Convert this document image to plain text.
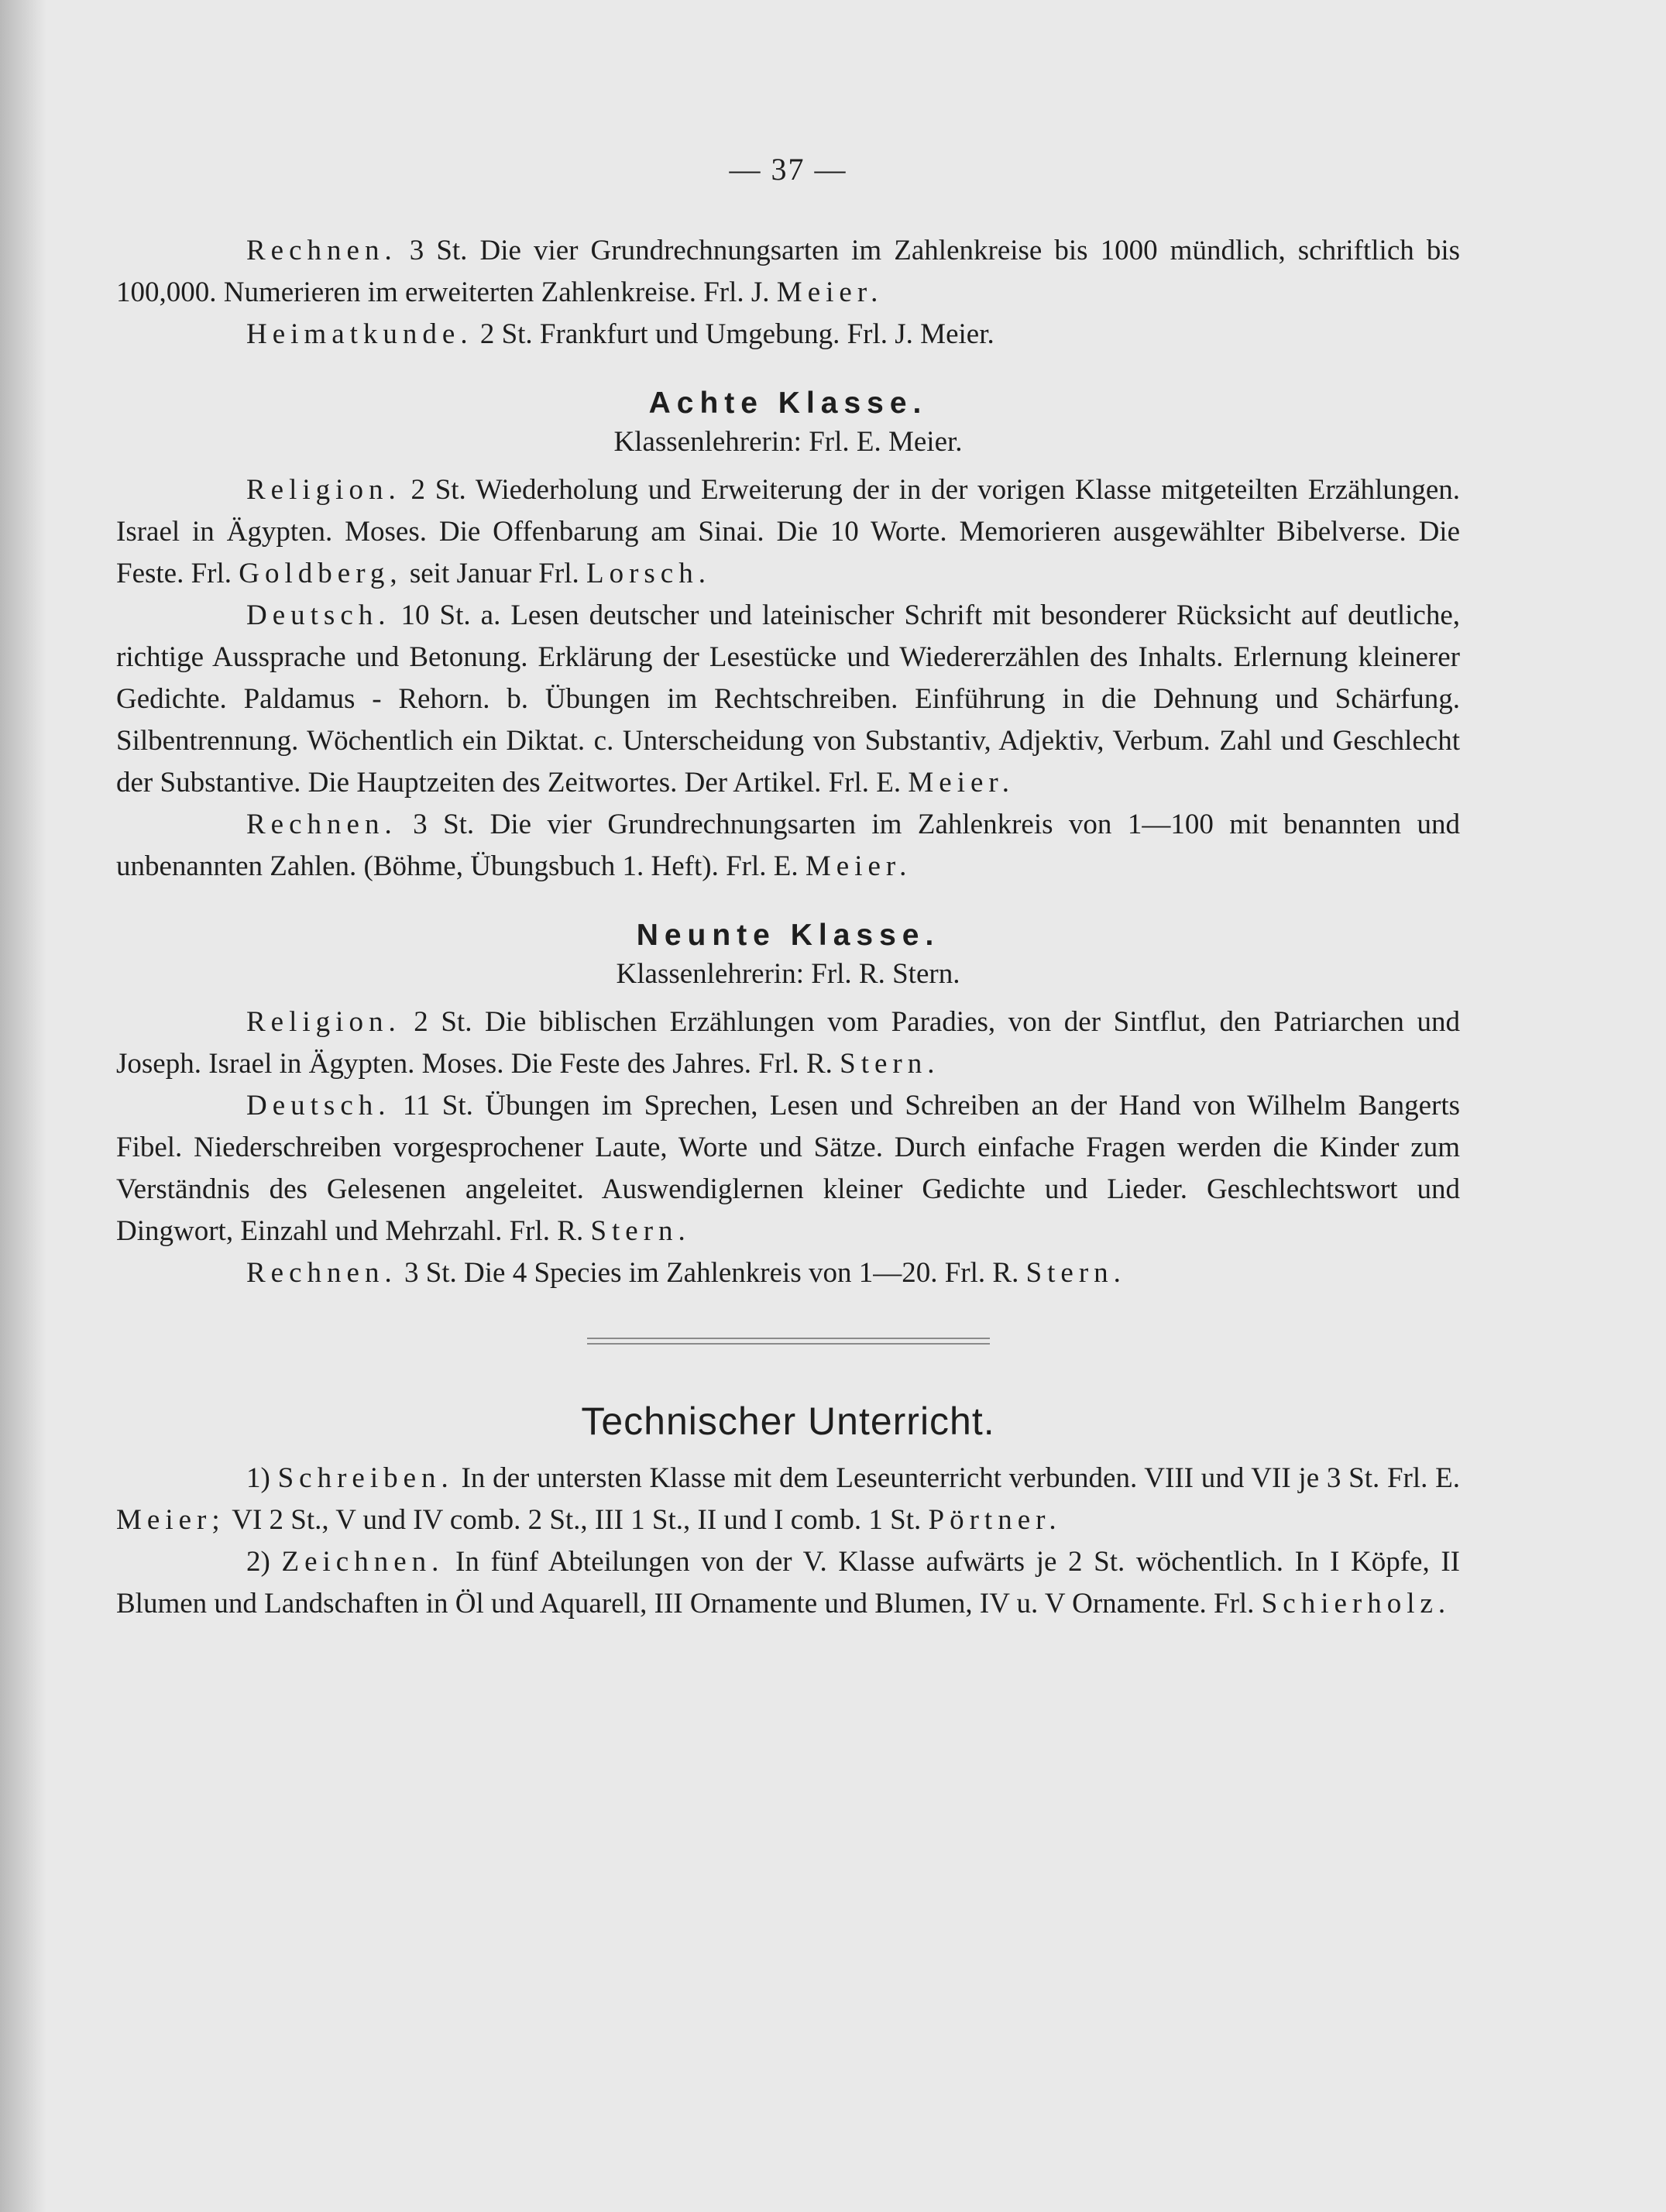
— 37 —

Rechnen. 3 St. Die vier Grundrechnungsarten im Zahlenkreise bis 1000 mündlich, schriftlich bis 100,000. Numerieren im erweiterten Zahlenkreise. Frl. J. Meier.

Heimatkunde. 2 St. Frankfurt und Umgebung. Frl. J. Meier.

Achte Klasse.
Klassenlehrerin: Frl. E. Meier.

Religion. 2 St. Wiederholung und Erweiterung der in der vorigen Klasse mitgeteilten Erzählungen. Israel in Ägypten. Moses. Die Offenbarung am Sinai. Die 10 Worte. Memorieren ausgewählter Bibelverse. Die Feste. Frl. Goldberg, seit Januar Frl. Lorsch.

Deutsch. 10 St. a. Lesen deutscher und lateinischer Schrift mit besonderer Rücksicht auf deutliche, richtige Aussprache und Betonung. Erklärung der Lesestücke und Wiedererzählen des Inhalts. Erlernung kleinerer Gedichte. Paldamus - Rehorn. b. Übungen im Rechtschreiben. Einführung in die Dehnung und Schärfung. Silbentrennung. Wöchentlich ein Diktat. c. Unterscheidung von Substantiv, Adjektiv, Verbum. Zahl und Geschlecht der Substantive. Die Hauptzeiten des Zeitwortes. Der Artikel. Frl. E. Meier.

Rechnen. 3 St. Die vier Grundrechnungsarten im Zahlenkreis von 1—100 mit benannten und unbenannten Zahlen. (Böhme, Übungsbuch 1. Heft). Frl. E. Meier.

Neunte Klasse.
Klassenlehrerin: Frl. R. Stern.

Religion. 2 St. Die biblischen Erzählungen vom Paradies, von der Sintflut, den Patriarchen und Joseph. Israel in Ägypten. Moses. Die Feste des Jahres. Frl. R. Stern.

Deutsch. 11 St. Übungen im Sprechen, Lesen und Schreiben an der Hand von Wilhelm Bangerts Fibel. Niederschreiben vorgesprochener Laute, Worte und Sätze. Durch einfache Fragen werden die Kinder zum Verständnis des Gelesenen angeleitet. Auswendiglernen kleiner Gedichte und Lieder. Geschlechtswort und Dingwort, Einzahl und Mehrzahl. Frl. R. Stern.

Rechnen. 3 St. Die 4 Species im Zahlenkreis von 1—20. Frl. R. Stern.

Technischer Unterricht.

1) Schreiben. In der untersten Klasse mit dem Leseunterricht verbunden. VIII und VII je 3 St. Frl. E. Meier; VI 2 St., V und IV comb. 2 St., III 1 St., II und I comb. 1 St. Pörtner.

2) Zeichnen. In fünf Abteilungen von der V. Klasse aufwärts je 2 St. wöchentlich. In I Köpfe, II Blumen und Landschaften in Öl und Aquarell, III Ornamente und Blumen, IV u. V Ornamente. Frl. Schierholz.
